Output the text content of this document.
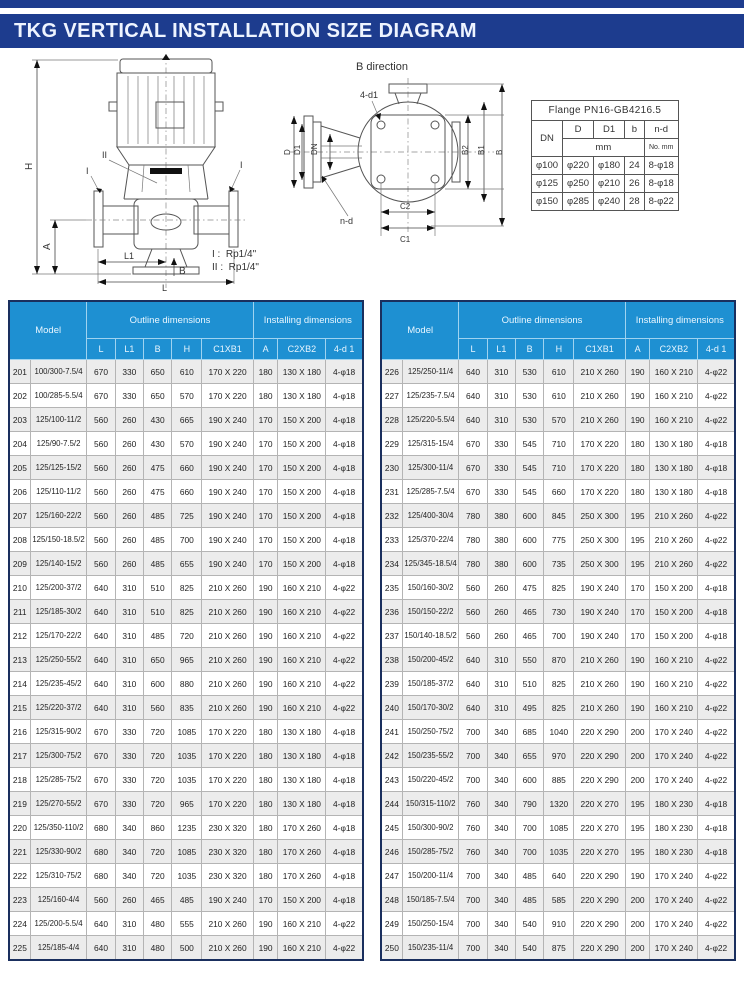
TKG VERTICAL INSTALLATION SIZE DIAGRAM
II
I
I
H
A
L1
L
B
B direction
D D1 DN
4-d1
n-d
B2 B1 B
C2
C1
I :  Rp1/4"
II :  Rp1/4"
Flange PN16-GB4216.5				
DN	D	D1	b	n-d
	mm			No. mm
φ100	φ220	φ180	24	8-φ18
φ125	φ250	φ210	26	8-φ18
φ150	φ285	φ240	28	8-φ22
Model		Outline dimensions					Installing dimensions		
		L	L1	B	H	C1XB1	A	C2XB2	4-d 1
201	100/300-7.5/4	670	330	650	610	170 X 220	180	130 X 180	4-φ18
202	100/285-5.5/4	670	330	650	570	170 X 220	180	130 X 180	4-φ18
203	125/100-11/2	560	260	430	665	190 X 240	170	150 X 200	4-φ18
204	125/90-7.5/2	560	260	430	570	190 X 240	170	150 X 200	4-φ18
205	125/125-15/2	560	260	475	660	190 X 240	170	150 X 200	4-φ18
206	125/110-11/2	560	260	475	660	190 X 240	170	150 X 200	4-φ18
207	125/160-22/2	560	260	485	725	190 X 240	170	150 X 200	4-φ18
208	125/150-18.5/2	560	260	485	700	190 X 240	170	150 X 200	4-φ18
209	125/140-15/2	560	260	485	655	190 X 240	170	150 X 200	4-φ18
210	125/200-37/2	640	310	510	825	210 X 260	190	160 X 210	4-φ22
211	125/185-30/2	640	310	510	825	210 X 260	190	160 X 210	4-φ22
212	125/170-22/2	640	310	485	720	210 X 260	190	160 X 210	4-φ22
213	125/250-55/2	640	310	650	965	210 X 260	190	160 X 210	4-φ22
214	125/235-45/2	640	310	600	880	210 X 260	190	160 X 210	4-φ22
215	125/220-37/2	640	310	560	835	210 X 260	190	160 X 210	4-φ22
216	125/315-90/2	670	330	720	1085	170 X 220	180	130 X 180	4-φ18
217	125/300-75/2	670	330	720	1035	170 X 220	180	130 X 180	4-φ18
218	125/285-75/2	670	330	720	1035	170 X 220	180	130 X 180	4-φ18
219	125/270-55/2	670	330	720	965	170 X 220	180	130 X 180	4-φ18
220	125/350-110/2	680	340	860	1235	230 X 320	180	170 X 260	4-φ18
221	125/330-90/2	680	340	720	1085	230 X 320	180	170 X 260	4-φ18
222	125/310-75/2	680	340	720	1035	230 X 320	180	170 X 260	4-φ18
223	125/160-4/4	560	260	465	485	190 X 240	170	150 X 200	4-φ18
224	125/200-5.5/4	640	310	480	555	210 X 260	190	160 X 210	4-φ22
225	125/185-4/4	640	310	480	500	210 X 260	190	160 X 210	4-φ22
Model		Outline dimensions					Installing dimensions		
		L	L1	B	H	C1XB1	A	C2XB2	4-d 1
226	125/250-11/4	640	310	530	610	210 X 260	190	160 X 210	4-φ22
227	125/235-7.5/4	640	310	530	610	210 X 260	190	160 X 210	4-φ22
228	125/220-5.5/4	640	310	530	570	210 X 260	190	160 X 210	4-φ22
229	125/315-15/4	670	330	545	710	170 X 220	180	130 X 180	4-φ18
230	125/300-11/4	670	330	545	710	170 X 220	180	130 X 180	4-φ18
231	125/285-7.5/4	670	330	545	660	170 X 220	180	130 X 180	4-φ18
232	125/400-30/4	780	380	600	845	250 X 300	195	210 X 260	4-φ22
233	125/370-22/4	780	380	600	775	250 X 300	195	210 X 260	4-φ22
234	125/345-18.5/4	780	380	600	735	250 X 300	195	210 X 260	4-φ22
235	150/160-30/2	560	260	475	825	190 X 240	170	150 X 200	4-φ18
236	150/150-22/2	560	260	465	730	190 X 240	170	150 X 200	4-φ18
237	150/140-18.5/2	560	260	465	700	190 X 240	170	150 X 200	4-φ18
238	150/200-45/2	640	310	550	870	210 X 260	190	160 X 210	4-φ22
239	150/185-37/2	640	310	510	825	210 X 260	190	160 X 210	4-φ22
240	150/170-30/2	640	310	495	825	210 X 260	190	160 X 210	4-φ22
241	150/250-75/2	700	340	685	1040	220 X 290	200	170 X 240	4-φ22
242	150/235-55/2	700	340	655	970	220 X 290	200	170 X 240	4-φ22
243	150/220-45/2	700	340	600	885	220 X 290	200	170 X 240	4-φ22
244	150/315-110/2	760	340	790	1320	220 X 270	195	180 X 230	4-φ18
245	150/300-90/2	760	340	700	1085	220 X 270	195	180 X 230	4-φ18
246	150/285-75/2	760	340	700	1035	220 X 270	195	180 X 230	4-φ18
247	150/200-11/4	700	340	485	640	220 X 290	190	170 X 240	4-φ22
248	150/185-7.5/4	700	340	485	585	220 X 290	200	170 X 240	4-φ22
249	150/250-15/4	700	340	540	910	220 X 290	200	170 X 240	4-φ22
250	150/235-11/4	700	340	540	875	220 X 290	200	170 X 240	4-φ22
